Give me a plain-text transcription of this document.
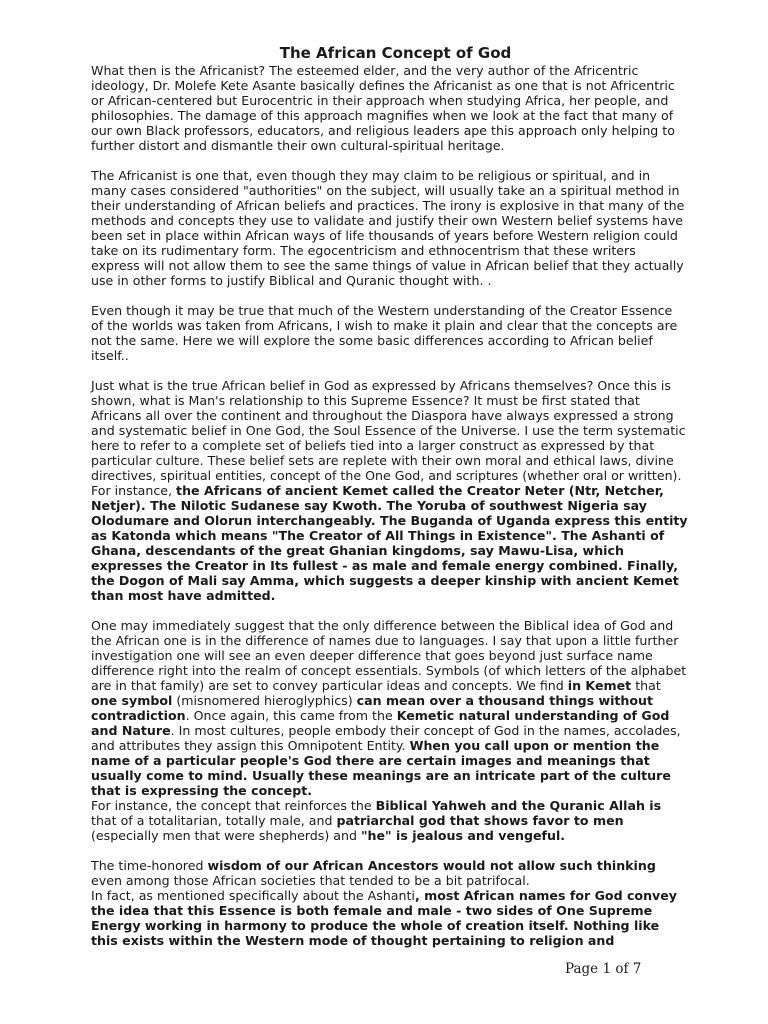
The African Concept of God

What then is the Africanist? The esteemed elder, and the very author of the Africentric ideology, Dr. Molefe Kete Asante basically defines the Africanist as one that is not Africentric or African-centered but Eurocentric in their approach when studying Africa, her people, and philosophies. The damage of this approach magnifies when we look at the fact that many of our own Black professors, educators, and religious leaders ape this approach only helping to further distort and dismantle their own cultural-spiritual heritage.

The Africanist is one that, even though they may claim to be religious or spiritual, and in many cases considered "authorities" on the subject, will usually take an a spiritual method in their understanding of African beliefs and practices. The irony is explosive in that many of the methods and concepts they use to validate and justify their own Western belief systems have been set in place within African ways of life thousands of years before Western religion could take on its rudimentary form. The egocentricism and ethnocentrism that these writers express will not allow them to see the same things of value in African belief that they actually use in other forms to justify Biblical and Quranic thought with. .

Even though it may be true that much of the Western understanding of the Creator Essence of the worlds was taken from Africans, I wish to make it plain and clear that the concepts are not the same. Here we will explore the some basic differences according to African belief itself..

Just what is the true African belief in God as expressed by Africans themselves? Once this is shown, what is Man's relationship to this Supreme Essence? It must be first stated that Africans all over the continent and throughout the Diaspora have always expressed a strong and systematic belief in One God, the Soul Essence of the Universe. I use the term systematic here to refer to a complete set of beliefs tied into a larger construct as expressed by that particular culture. These belief sets are replete with their own moral and ethical laws, divine directives, spiritual entities, concept of the One God, and scriptures (whether oral or written). For instance, the Africans of ancient Kemet called the Creator Neter (Ntr, Netcher, Netjer). The Nilotic Sudanese say Kwoth. The Yoruba of southwest Nigeria say Olodumare and Olorun interchangeably. The Buganda of Uganda express this entity as Katonda which means "The Creator of All Things in Existence". The Ashanti of Ghana, descendants of the great Ghanian kingdoms, say Mawu-Lisa, which expresses the Creator in Its fullest - as male and female energy combined. Finally, the Dogon of Mali say Amma, which suggests a deeper kinship with ancient Kemet than most have admitted.

One may immediately suggest that the only difference between the Biblical idea of God and the African one is in the difference of names due to languages. I say that upon a little further investigation one will see an even deeper difference that goes beyond just surface name difference right into the realm of concept essentials. Symbols (of which letters of the alphabet are in that family) are set to convey particular ideas and concepts. We find in Kemet that one symbol (misnomered hieroglyphics) can mean over a thousand things without contradiction. Once again, this came from the Kemetic natural understanding of God and Nature. In most cultures, people embody their concept of God in the names, accolades, and attributes they assign this Omnipotent Entity. When you call upon or mention the name of a particular people's God there are certain images and meanings that usually come to mind. Usually these meanings are an intricate part of the culture that is expressing the concept.

For instance, the concept that reinforces the Biblical Yahweh and the Quranic Allah is that of a totalitarian, totally male, and patriarchal god that shows favor to men (especially men that were shepherds) and "he" is jealous and vengeful.

The time-honored wisdom of our African Ancestors would not allow such thinking even among those African societies that tended to be a bit patrifocal.

In fact, as mentioned specifically about the Ashanti, most African names for God convey the idea that this Essence is both female and male - two sides of One Supreme Energy working in harmony to produce the whole of creation itself. Nothing like this exists within the Western mode of thought pertaining to religion and

Page 1 of 7
